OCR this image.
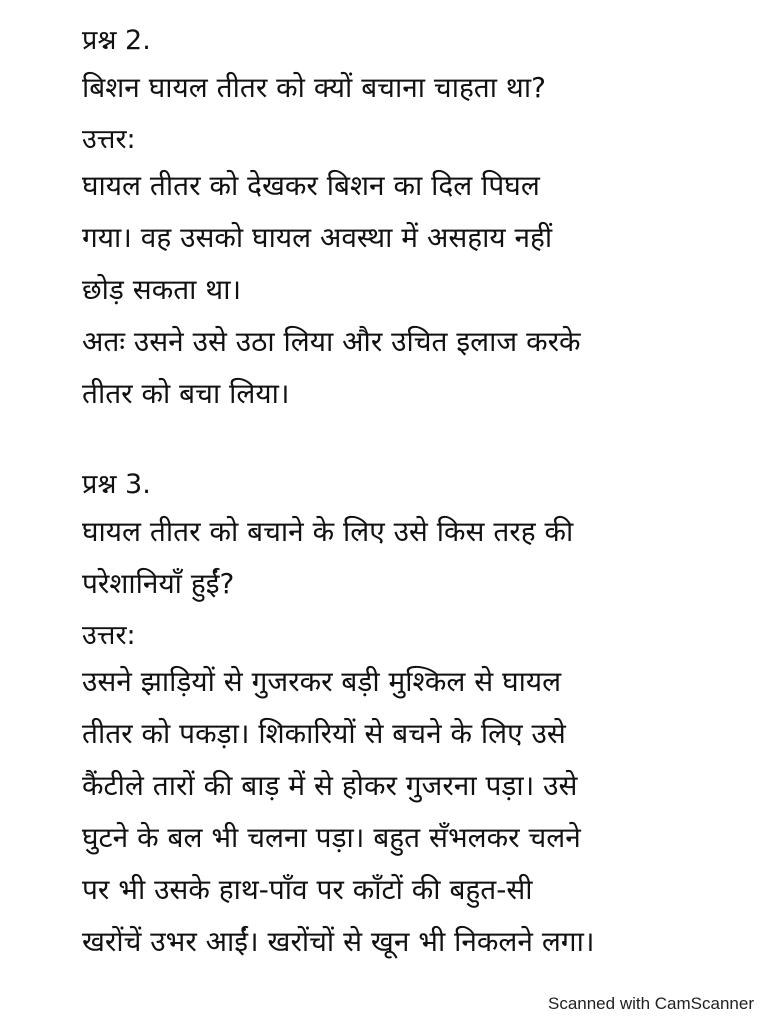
प्रश्न 2.
बिशन घायल तीतर को क्यों बचाना चाहता था?
उत्तर:
घायल तीतर को देखकर बिशन का दिल पिघल
गया। वह उसको घायल अवस्था में असहाय नहीं
छोड़ सकता था।
अतः उसने उसे उठा लिया और उचित इलाज करके
तीतर को बचा लिया।
प्रश्न 3.
घायल तीतर को बचाने के लिए उसे किस तरह की
परेशानियाँ हुईं?
उत्तर:
उसने झाड़ियों से गुजरकर बड़ी मुश्किल से घायल
तीतर को पकड़ा। शिकारियों से बचने के लिए उसे
कैंटीले तारों की बाड़ में से होकर गुजरना पड़ा। उसे
घुटने के बल भी चलना पड़ा। बहुत सँभलकर चलने
पर भी उसके हाथ-पाँव पर काँटों की बहुत-सी
खरोंचें उभर आईं। खरोंचों से खून भी निकलने लगा।
Scanned with CamScanner
